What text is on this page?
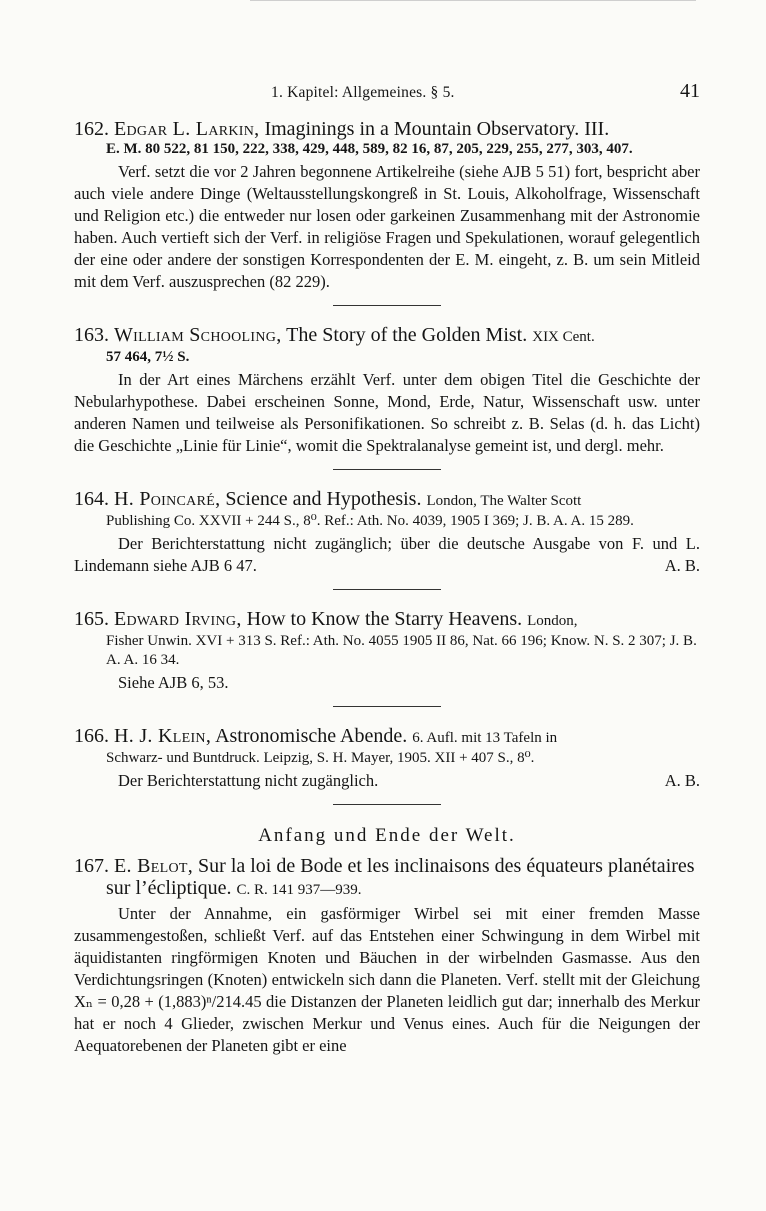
1. Kapitel: Allgemeines. § 5.	41
162. Edgar L. Larkin, Imaginings in a Mountain Observatory. III.
E. M. 80 522, 81 150, 222, 338, 429, 448, 589, 82 16, 87, 205, 229, 255, 277, 303, 407.
Verf. setzt die vor 2 Jahren begonnene Artikelreihe (siehe AJB 5 51) fort, bespricht aber auch viele andere Dinge (Weltausstellungskongreß in St. Louis, Alkoholfrage, Wissenschaft und Religion etc.) die entweder nur losen oder garkeinen Zusammenhang mit der Astronomie haben. Auch vertieft sich der Verf. in religiöse Fragen und Spekulationen, worauf gelegentlich der eine oder andere der sonstigen Korrespondenten der E. M. eingeht, z. B. um sein Mitleid mit dem Verf. auszusprechen (82 229).
163. William Schooling, The Story of the Golden Mist. XIX Cent.
57 464, 7½ S.
In der Art eines Märchens erzählt Verf. unter dem obigen Titel die Geschichte der Nebularhypothese. Dabei erscheinen Sonne, Mond, Erde, Natur, Wissenschaft usw. unter anderen Namen und teilweise als Personifikationen. So schreibt z. B. Selas (d. h. das Licht) die Geschichte „Linie für Linie“, womit die Spektralanalyse gemeint ist, und dergl. mehr.
164. H. Poincaré, Science and Hypothesis. London, The Walter Scott
Publishing Co. XXVII + 244 S., 8⁰. Ref.: Ath. No. 4039, 1905 I 369; J. B. A. A. 15 289.
Der Berichterstattung nicht zugänglich; über die deutsche Ausgabe von F. und L. Lindemann siehe AJB 6 47.	A. B.
165. Edward Irving, How to Know the Starry Heavens. London,
Fisher Unwin. XVI + 313 S. Ref.: Ath. No. 4055 1905 II 86, Nat. 66 196; Know. N. S. 2 307; J. B. A. A. 16 34.
Siehe AJB 6, 53.
166. H. J. Klein, Astronomische Abende. 6. Aufl. mit 13 Tafeln in
Schwarz- und Buntdruck. Leipzig, S. H. Mayer, 1905. XII + 407 S., 8⁰.
Der Berichterstattung nicht zugänglich.	A. B.
Anfang und Ende der Welt.
167. E. Belot, Sur la loi de Bode et les inclinaisons des équateurs planétaires sur l’écliptique. C. R. 141 937—939.
Unter der Annahme, ein gasförmiger Wirbel sei mit einer fremden Masse zusammengestoßen, schließt Verf. auf das Entstehen einer Schwingung in dem Wirbel mit äquidistanten ringförmigen Knoten und Bäuchen in der wirbelnden Gasmasse. Aus den Verdichtungsringen (Knoten) entwickeln sich dann die Planeten. Verf. stellt mit der Gleichung Xₙ = 0,28 + (1,883)ⁿ/214.45 die Distanzen der Planeten leidlich gut dar; innerhalb des Merkur hat er noch 4 Glieder, zwischen Merkur und Venus eines. Auch für die Neigungen der Aequatorebenen der Planeten gibt er eine
